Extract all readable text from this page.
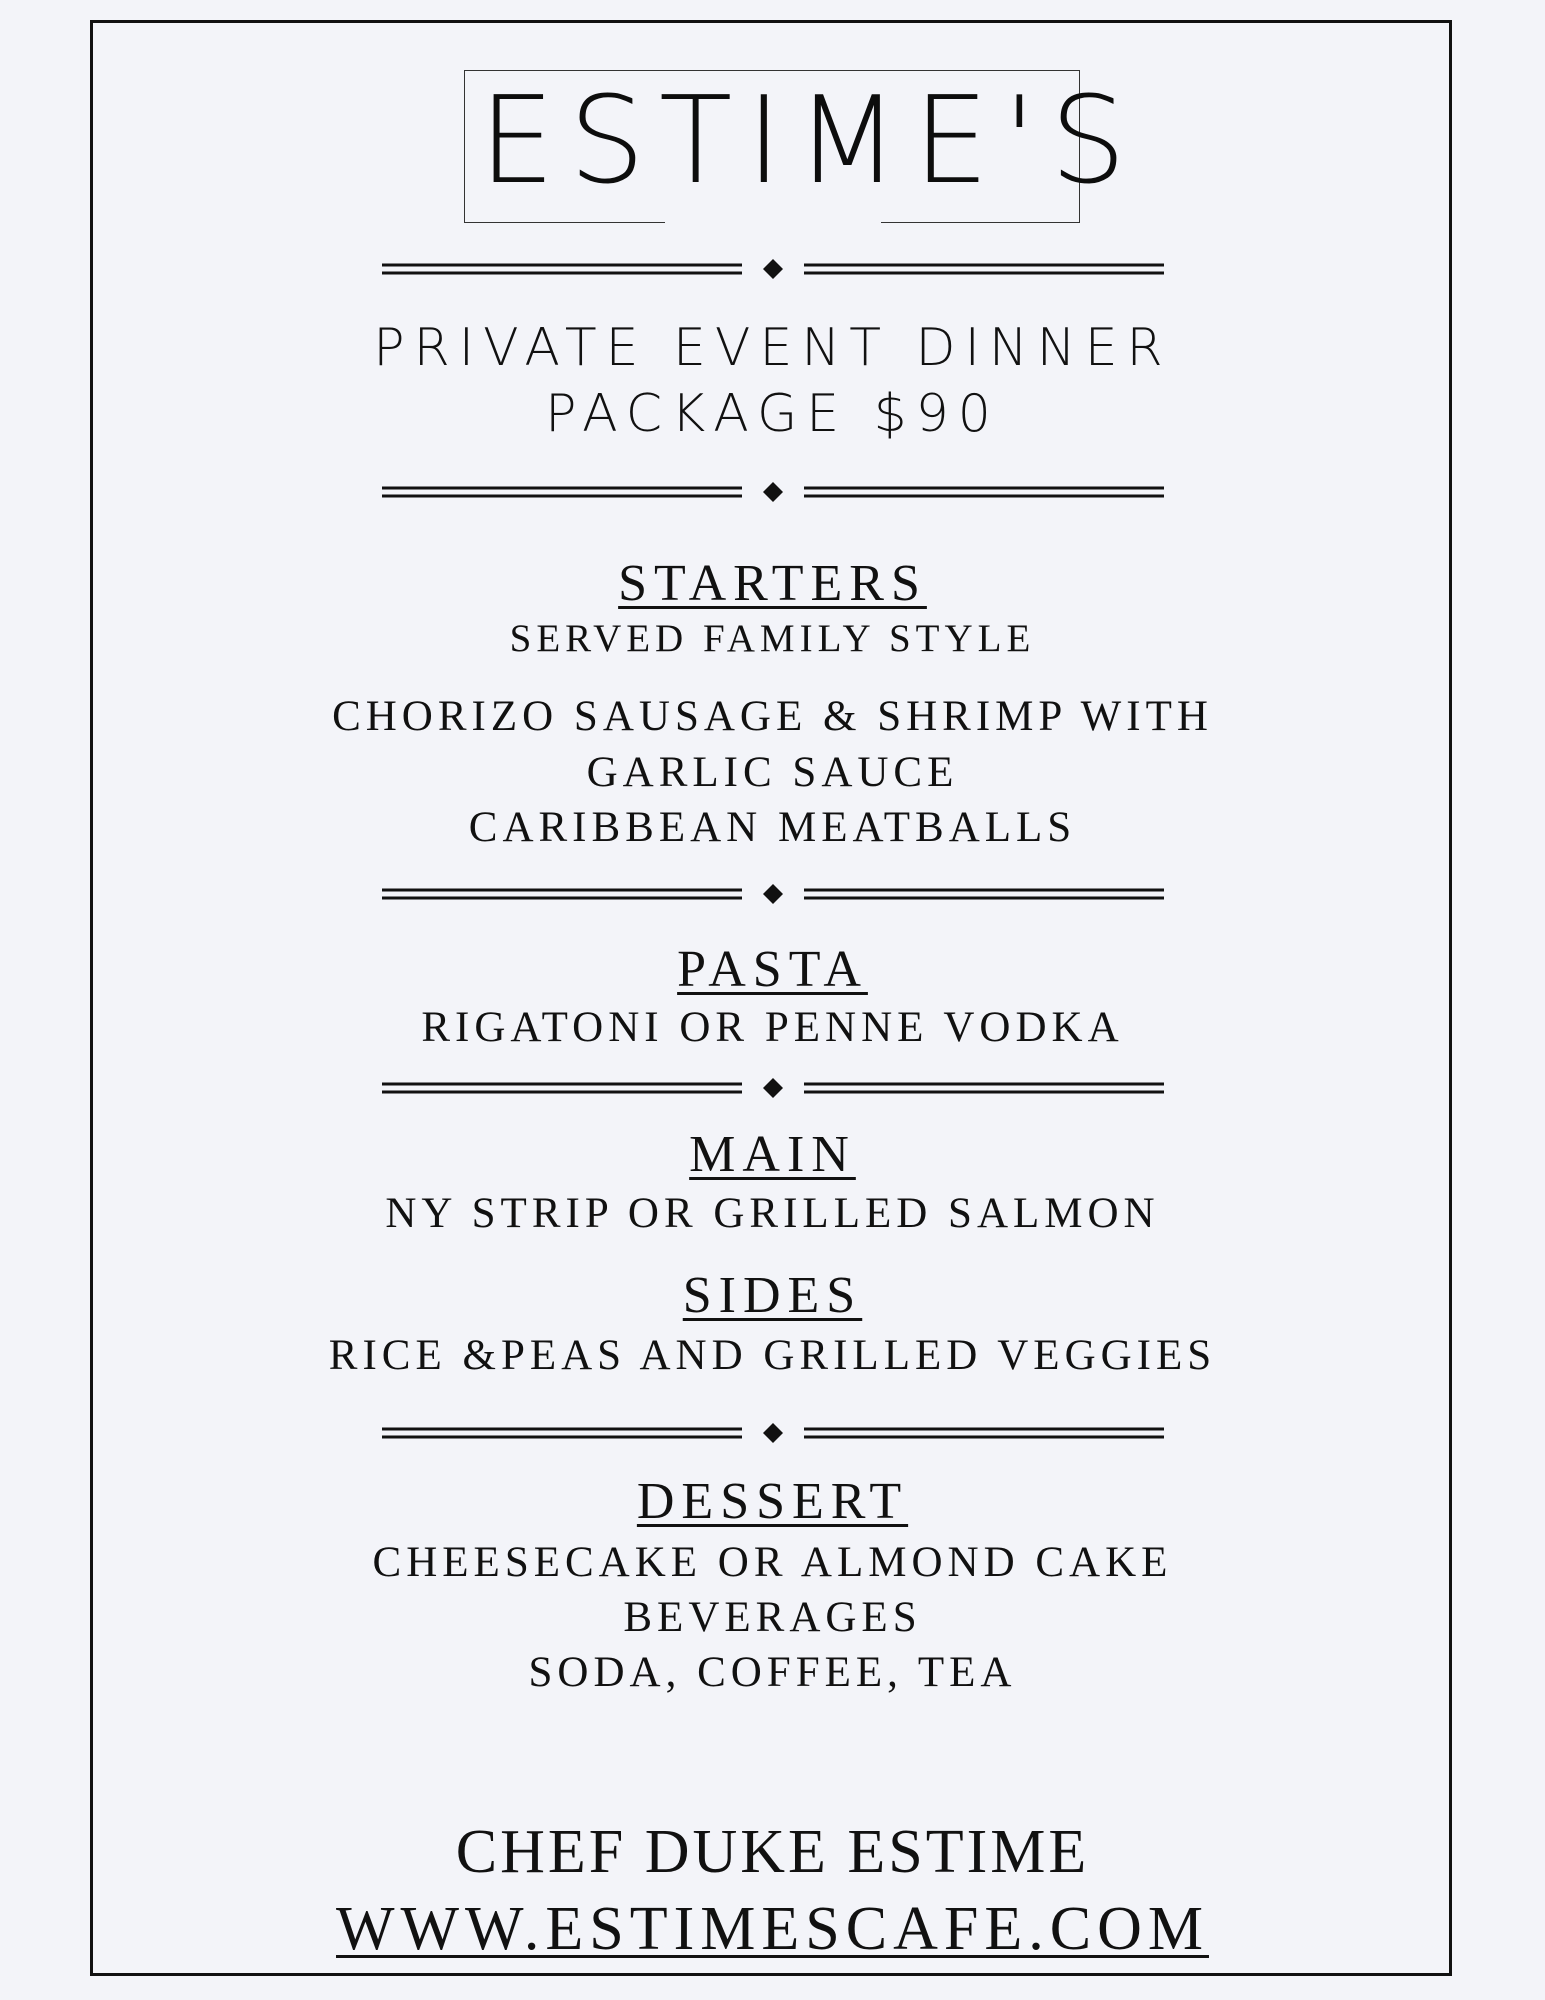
ESTIME'S
PRIVATE EVENT DINNER
PACKAGE $90
STARTERS
SERVED FAMILY STYLE
CHORIZO SAUSAGE & SHRIMP WITH
GARLIC SAUCE
CARIBBEAN MEATBALLS
PASTA
RIGATONI OR PENNE VODKA
MAIN
NY STRIP OR GRILLED SALMON
SIDES
RICE &PEAS AND GRILLED VEGGIES
DESSERT
CHEESECAKE OR ALMOND CAKE
BEVERAGES
SODA, COFFEE, TEA
CHEF DUKE ESTIME
WWW.ESTIMESCAFE.COM
